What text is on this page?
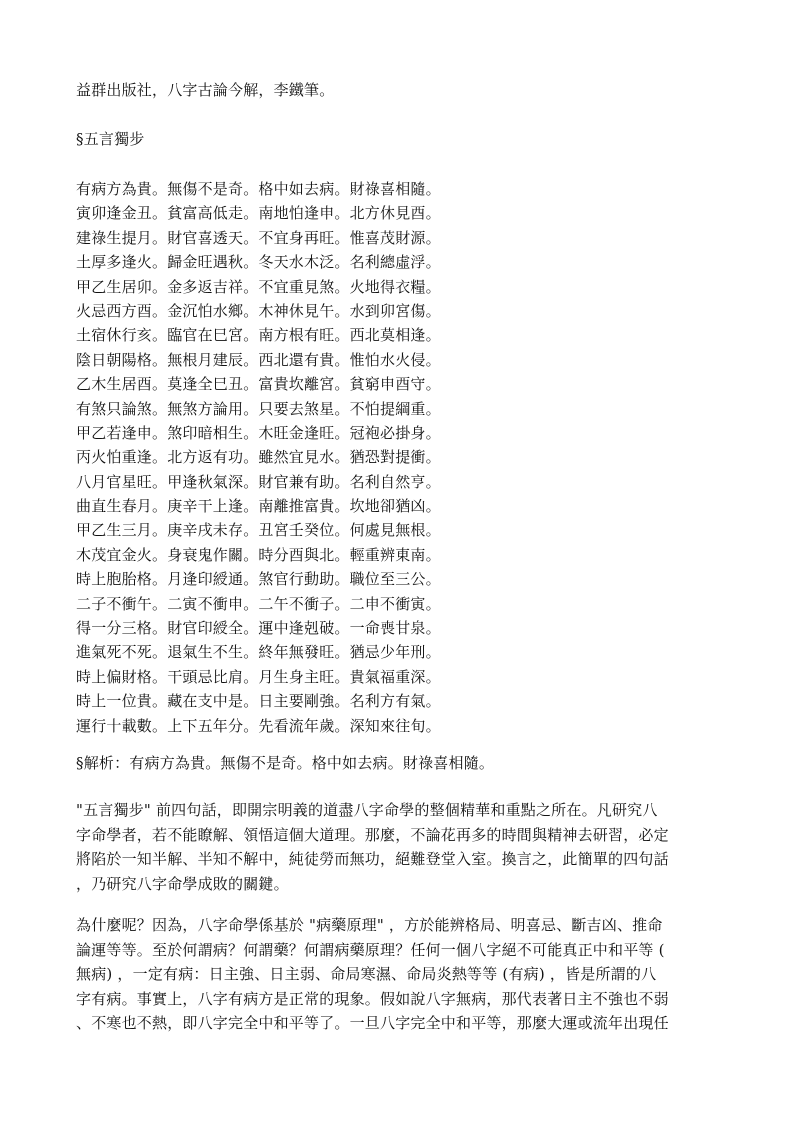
益群出版社，八字古論今解，李鐵筆。
§五言獨步
有病方為貴。無傷不是奇。格中如去病。財祿喜相隨。
寅卯逢金丑。貧富高低走。南地怕逢申。北方休見酉。
建祿生提月。財官喜透天。不宜身再旺。惟喜茂財源。
土厚多逢火。歸金旺遇秋。冬天水木泛。名利總虛浮。
甲乙生居卯。金多返吉祥。不宜重見煞。火地得衣糧。
火忌西方酉。金沉怕水鄉。木神休見午。水到卯宮傷。
土宿休行亥。臨官在巳宮。南方根有旺。西北莫相逢。
陰日朝陽格。無根月建辰。西北還有貴。惟怕水火侵。
乙木生居酉。莫逢全巳丑。富貴坎離宮。貧窮申酉守。
有煞只論煞。無煞方論用。只要去煞星。不怕提綱重。
甲乙若逢申。煞印暗相生。木旺金逢旺。冠袍必掛身。
丙火怕重逢。北方返有功。雖然宜見水。猶恐對提衝。
八月官星旺。甲逢秋氣深。財官兼有助。名利自然亨。
曲直生春月。庚辛干上逢。南離推富貴。坎地卻猶凶。
甲乙生三月。庚辛戌未存。丑宮壬癸位。何處見無根。
木茂宜金火。身衰鬼作關。時分酉與北。輕重辨東南。
時上胞胎格。月逢印綬通。煞官行動助。職位至三公。
二子不衝午。二寅不衝申。二午不衝子。二申不衝寅。
得一分三格。財官印綬全。運中逢剋破。一命喪甘泉。
進氣死不死。退氣生不生。終年無發旺。猶忌少年刑。
時上偏財格。干頭忌比肩。月生身主旺。貴氣福重深。
時上一位貴。藏在支中是。日主要剛強。名利方有氣。
運行十載數。上下五年分。先看流年歲。深知來往旬。
§解析：有病方為貴。無傷不是奇。格中如去病。財祿喜相隨。
"五言獨步" 前四句話，即開宗明義的道盡八字命學的整個精華和重點之所在。凡研究八
字命學者，若不能瞭解、領悟這個大道理。那麼，不論花再多的時間與精神去研習，必定
將陷於一知半解、半知不解中，純徒勞而無功，絕難登堂入室。換言之，此簡單的四句話
，乃研究八字命學成敗的關鍵。
為什麼呢？因為，八字命學係基於 "病藥原理" ，方於能辨格局、明喜忌、斷吉凶、推命
論運等等。至於何謂病？何謂藥？何謂病藥原理？任何一個八字絕不可能真正中和平等 (
無病) ，一定有病：日主強、日主弱、命局寒濕、命局炎熱等等 (有病) ，皆是所謂的八
字有病。事實上，八字有病方是正常的現象。假如說八字無病，那代表著日主不強也不弱
、不寒也不熱，即八字完全中和平等了。一旦八字完全中和平等，那麼大運或流年出現任
